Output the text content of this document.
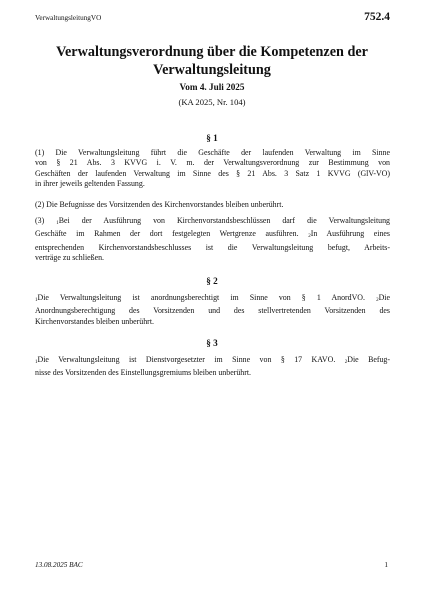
VerwaltungsleitungVO	752.4
Verwaltungsverordnung über die Kompetenzen der
Verwaltungsleitung
Vom 4. Juli 2025
(KA 2025, Nr. 104)
§ 1
(1) Die Verwaltungsleitung führt die Geschäfte der laufenden Verwaltung im Sinne
von § 21 Abs. 3 KVVG i. V. m. der Verwaltungsverordnung zur Bestimmung von
Geschäften der laufenden Verwaltung im Sinne des § 21 Abs. 3 Satz 1 KVVG (GlV-VO)
in ihrer jeweils geltenden Fassung.
(2) Die Befugnisse des Vorsitzenden des Kirchenvorstandes bleiben unberührt.
(3) 1Bei der Ausführung von Kirchenvorstandsbeschlüssen darf die Verwaltungsleitung
Geschäfte im Rahmen der dort festgelegten Wertgrenze ausführen. 2In Ausführung eines
entsprechenden Kirchenvorstandsbeschlusses ist die Verwaltungsleitung befugt, Arbeits-
verträge zu schließen.
§ 2
1Die Verwaltungsleitung ist anordnungsberechtigt im Sinne von § 1 AnordVO. 2Die
Anordnungsberechtigung des Vorsitzenden und des stellvertretenden Vorsitzenden des
Kirchenvorstandes bleiben unberührt.
§ 3
1Die Verwaltungsleitung ist Dienstvorgesetzter im Sinne von § 17 KAVO. 2Die Befug-
nisse des Vorsitzenden des Einstellungsgremiums bleiben unberührt.
13.08.2025 BAC	1
